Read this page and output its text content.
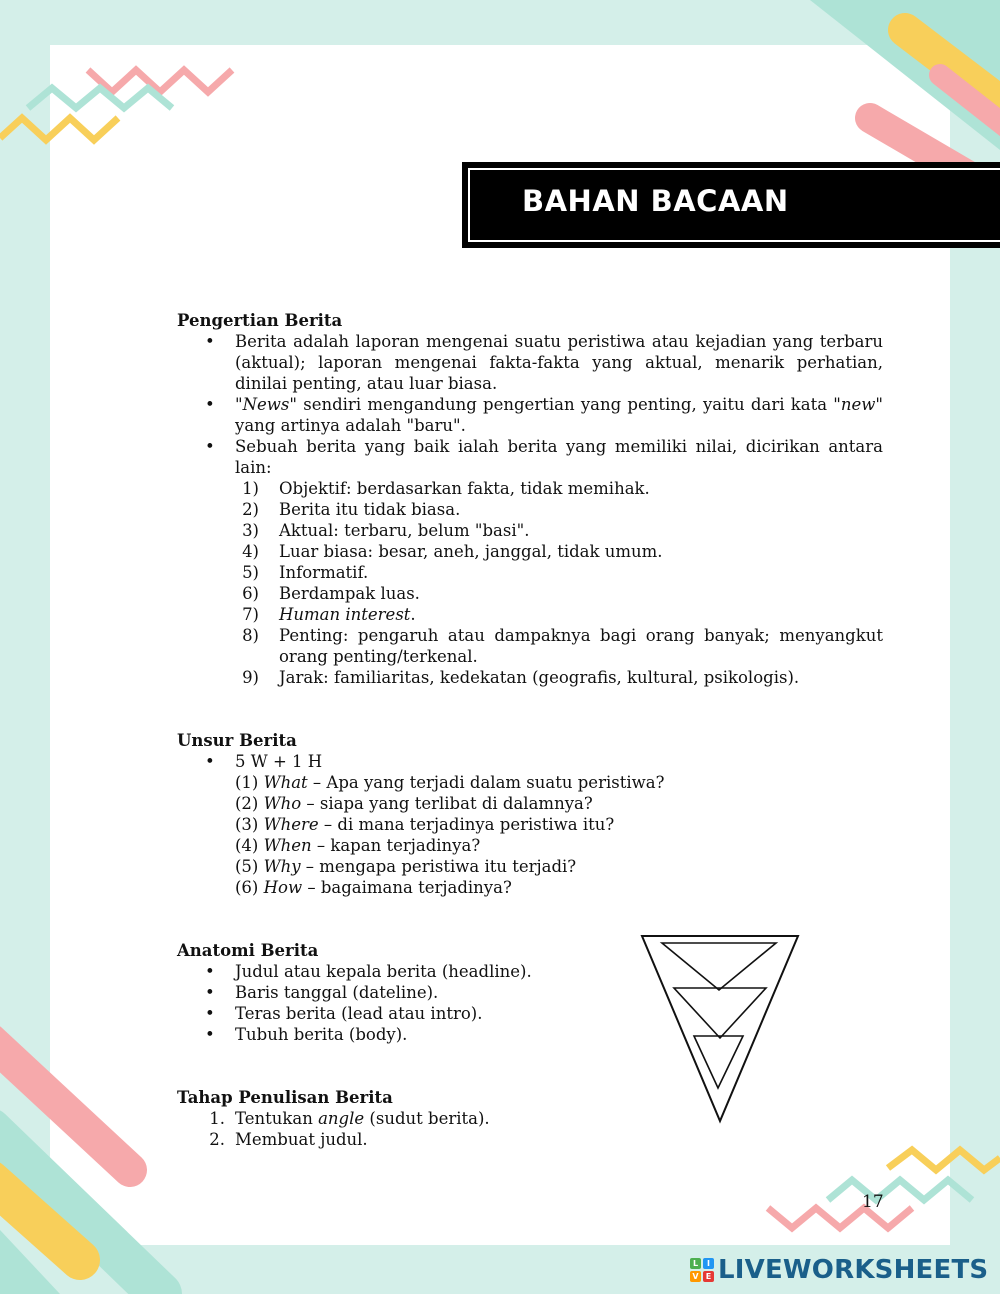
BAHAN BACAAN
Pengertian Berita
• Berita adalah laporan mengenai suatu peristiwa atau kejadian yang terbaru (aktual); laporan mengenai fakta-fakta yang aktual, menarik perhatian, dinilai penting, atau luar biasa.
• "News" sendiri mengandung pengertian yang penting, yaitu dari kata "new" yang artinya adalah "baru".
• Sebuah berita yang baik ialah berita yang memiliki nilai, dicirikan antara lain:
1) Objektif: berdasarkan fakta, tidak memihak.
2) Berita itu tidak biasa.
3) Aktual: terbaru, belum "basi".
4) Luar biasa: besar, aneh, janggal, tidak umum.
5) Informatif.
6) Berdampak luas.
7) Human interest.
8) Penting: pengaruh atau dampaknya bagi orang banyak; menyangkut orang penting/terkenal.
9) Jarak: familiaritas, kedekatan (geografis, kultural, psikologis).
Unsur Berita
• 5 W + 1 H
(1) What – Apa yang terjadi dalam suatu peristiwa?
(2) Who – siapa yang terlibat di dalamnya?
(3) Where – di mana terjadinya peristiwa itu?
(4) When – kapan terjadinya?
(5) Why – mengapa peristiwa itu terjadi?
(6) How – bagaimana terjadinya?
Anatomi Berita
• Judul atau kepala berita (headline).
• Baris tanggal (dateline).
• Teras berita (lead atau intro).
• Tubuh berita (body).
Tahap Penulisan Berita
1. Tentukan angle (sudut berita).
2. Membuat judul.
17
L	I
V E LIVEWORKSHEETS
